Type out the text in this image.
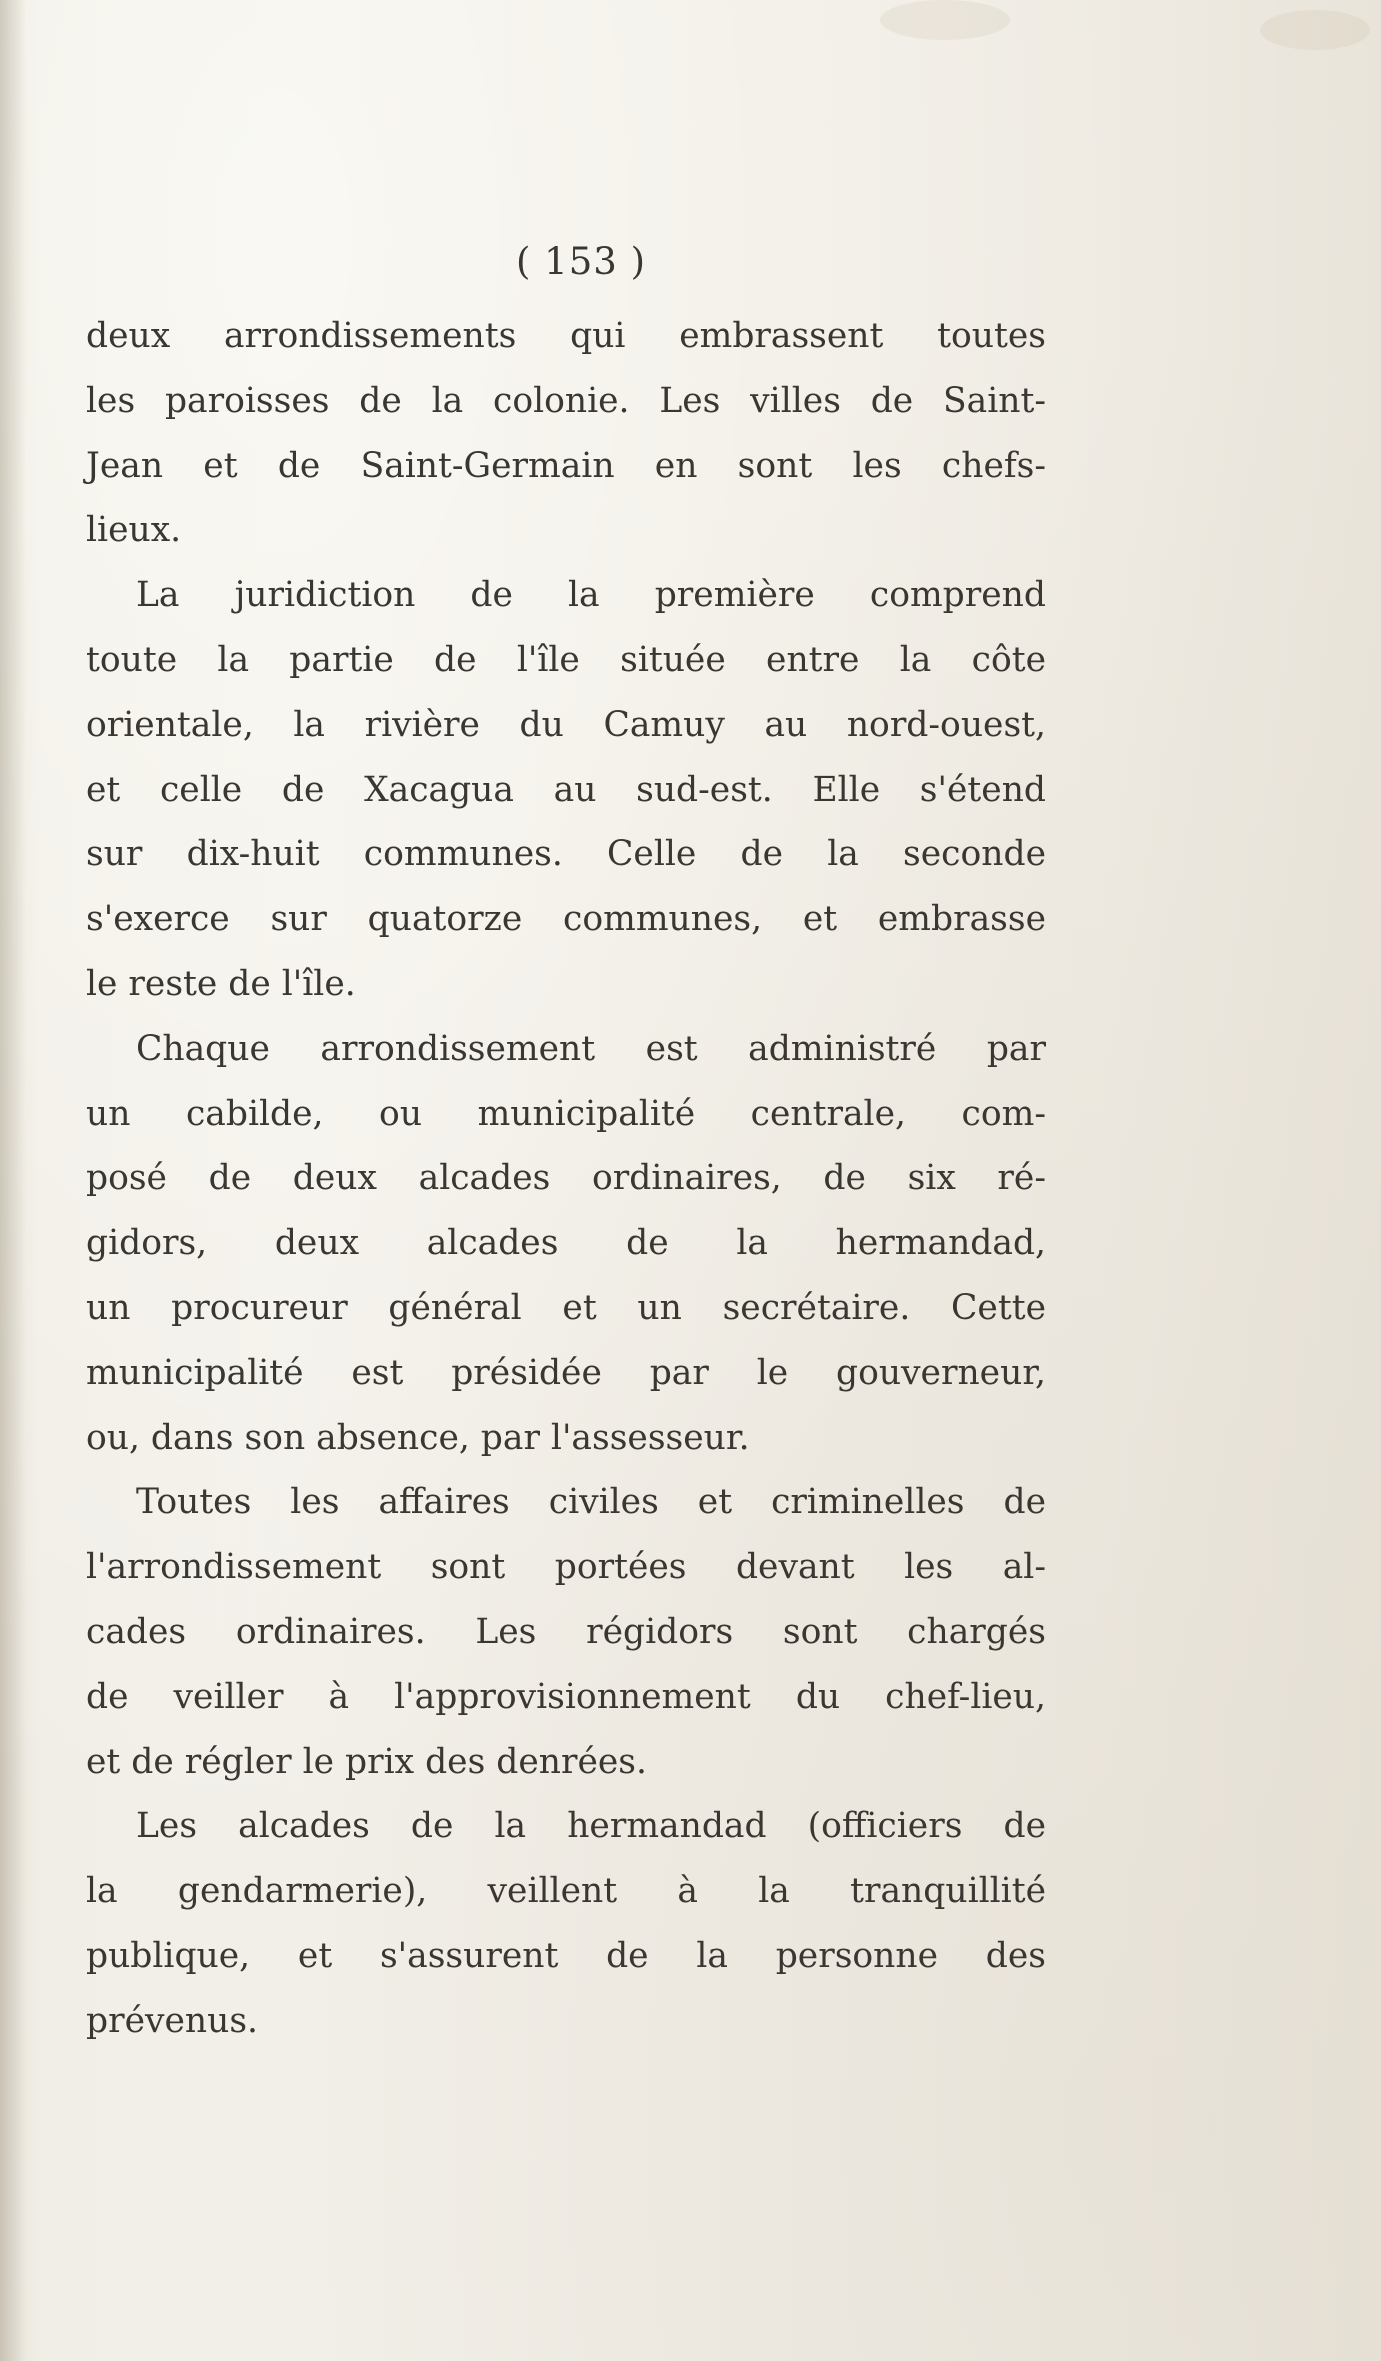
( 153 )
deux arrondissements qui embrassent toutes
les paroisses de la colonie. Les villes de Saint-
Jean et de Saint-Germain en sont les chefs-
lieux.
La juridiction de la première comprend
toute la partie de l'île située entre la côte
orientale, la rivière du Camuy au nord-ouest,
et celle de Xacagua au sud-est. Elle s'étend
sur dix-huit communes. Celle de la seconde
s'exerce sur quatorze communes, et embrasse
le reste de l'île.
Chaque arrondissement est administré par
un cabilde, ou municipalité centrale, com-
posé de deux alcades ordinaires, de six ré-
gidors, deux alcades de la hermandad,
un procureur général et un secrétaire. Cette
municipalité est présidée par le gouverneur,
ou, dans son absence, par l'assesseur.
Toutes les affaires civiles et criminelles de
l'arrondissement sont portées devant les al-
cades ordinaires. Les régidors sont chargés
de veiller à l'approvisionnement du chef-lieu,
et de régler le prix des denrées.
Les alcades de la hermandad (officiers de
la gendarmerie), veillent à la tranquillité
publique, et s'assurent de la personne des
prévenus.
